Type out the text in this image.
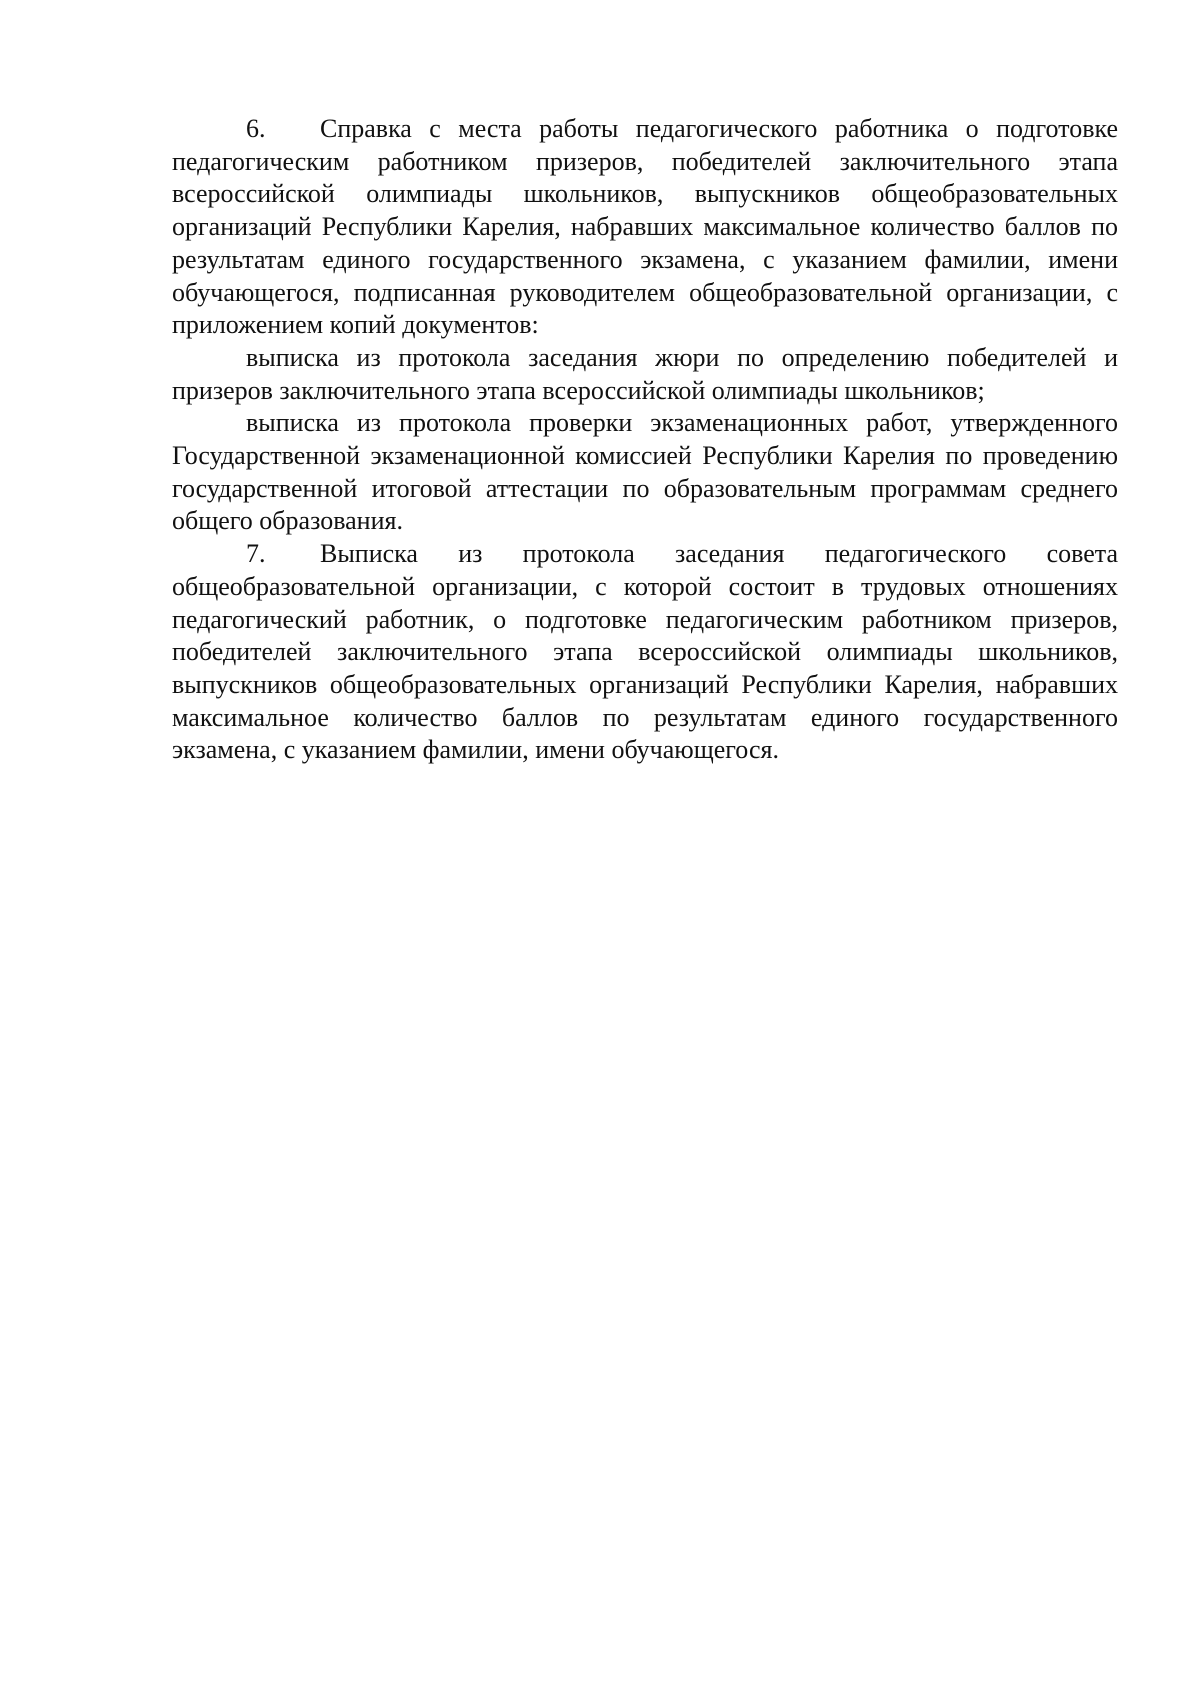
6. Справка с места работы педагогического работника о подготовке педагогическим работником призеров, победителей заключительного этапа всероссийской олимпиады школьников, выпускников общеобразовательных организаций Республики Карелия, набравших максимальное количество баллов по результатам единого государственного экзамена, с указанием фамилии, имени обучающегося, подписанная руководителем общеобразовательной организации, с приложением копий документов:

выписка из протокола заседания жюри по определению победителей и призеров заключительного этапа всероссийской олимпиады школьников;

выписка из протокола проверки экзаменационных работ, утвержденного Государственной экзаменационной комиссией Республики Карелия по проведению государственной итоговой аттестации по образовательным программам среднего общего образования.

7. Выписка из протокола заседания педагогического совета общеобразовательной организации, с которой состоит в трудовых отношениях педагогический работник, о подготовке педагогическим работником призеров, победителей заключительного этапа всероссийской олимпиады школьников, выпускников общеобразовательных организаций Республики Карелия, набравших максимальное количество баллов по результатам единого государственного экзамена, с указанием фамилии, имени обучающегося.
